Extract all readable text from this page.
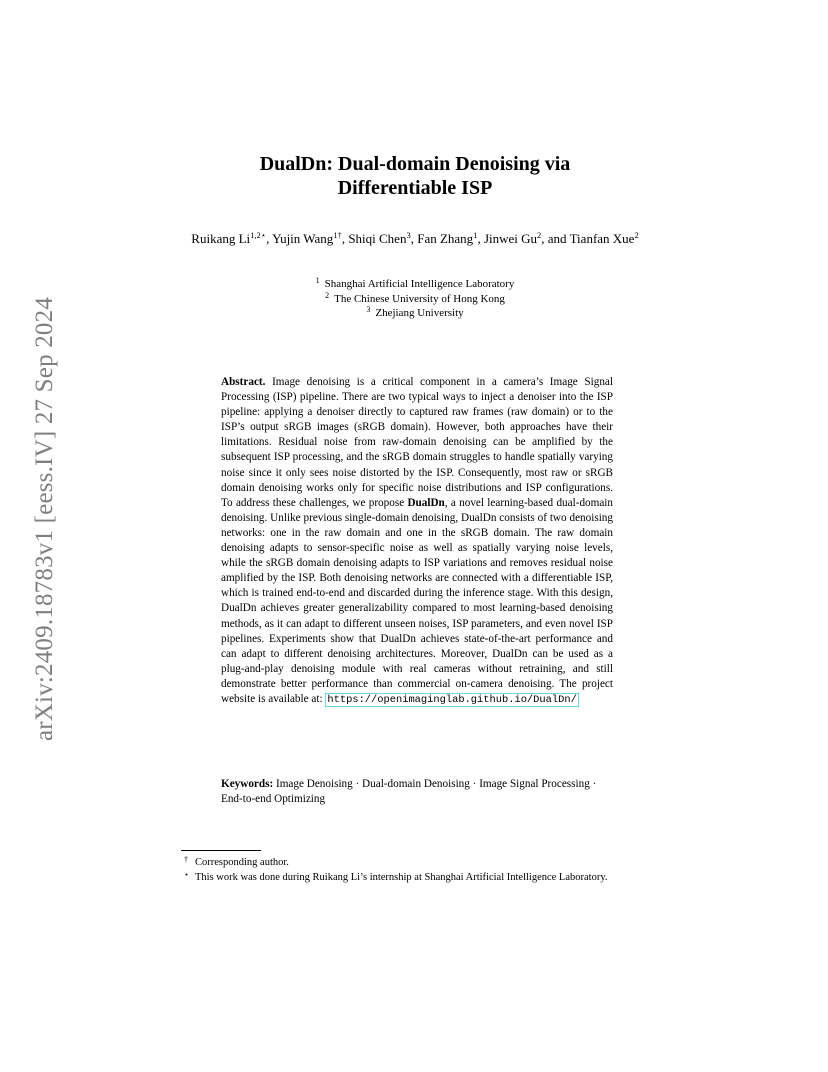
arXiv:2409.18783v1 [eess.IV] 27 Sep 2024
DualDn: Dual-domain Denoising via
Differentiable ISP
Ruikang $Li^{1,2⋆}$, Yujin Wang$^{1\dagger}$, Shiqi Chen$^3$, Fan Zhang$^1$, Jinwei Gu$^2$, and Tianfan Xue$^2$
$^1$ Shanghai Artificial Intelligence Laboratory
$^2$ The Chinese University of Hong Kong
$^3$ Zhejiang University
Abstract. Image denoising is a critical component in a camera’s Image Signal Processing (ISP) pipeline. There are two typical ways to inject a denoiser into the ISP pipeline: applying a denoiser directly to captured raw frames (raw domain) or to the ISP’s output sRGB images (sRGB domain). However, both approaches have their limitations. Residual noise from raw-domain denoising can be amplified by the subsequent ISP processing, and the sRGB domain struggles to handle spatially varying noise since it only sees noise distorted by the ISP. Consequently, most raw or sRGB domain denoising works only for specific noise distributions and ISP configurations. To address these challenges, we propose DualDn, a novel learning-based dual-domain denoising. Unlike previous single-domain denoising, DualDn consists of two denoising networks: one in the raw domain and one in the sRGB domain. The raw domain denoising adapts to sensor-specific noise as well as spatially varying noise levels, while the sRGB domain denoising adapts to ISP variations and removes residual noise amplified by the ISP. Both denoising networks are connected with a differentiable ISP, which is trained end-to-end and discarded during the inference stage. With this design, DualDn achieves greater generalizability compared to most learning-based denoising methods, as it can adapt to different unseen noises, ISP parameters, and even novel ISP pipelines. Experiments show that DualDn achieves state-of-the-art performance and can adapt to different denoising architectures. Moreover, DualDn can be used as a plug-and-play denoising module with real cameras without retraining, and still demonstrate better performance than commercial on-camera denoising. The project website is available at: https://openimaginglab.github.io/DualDn/
Keywords: Image Denoising · Dual-domain Denoising · Image Signal Processing · End-to-end Optimizing
† Corresponding author.
⋆ This work was done during Ruikang Li’s internship at Shanghai Artificial Intelligence Laboratory.
